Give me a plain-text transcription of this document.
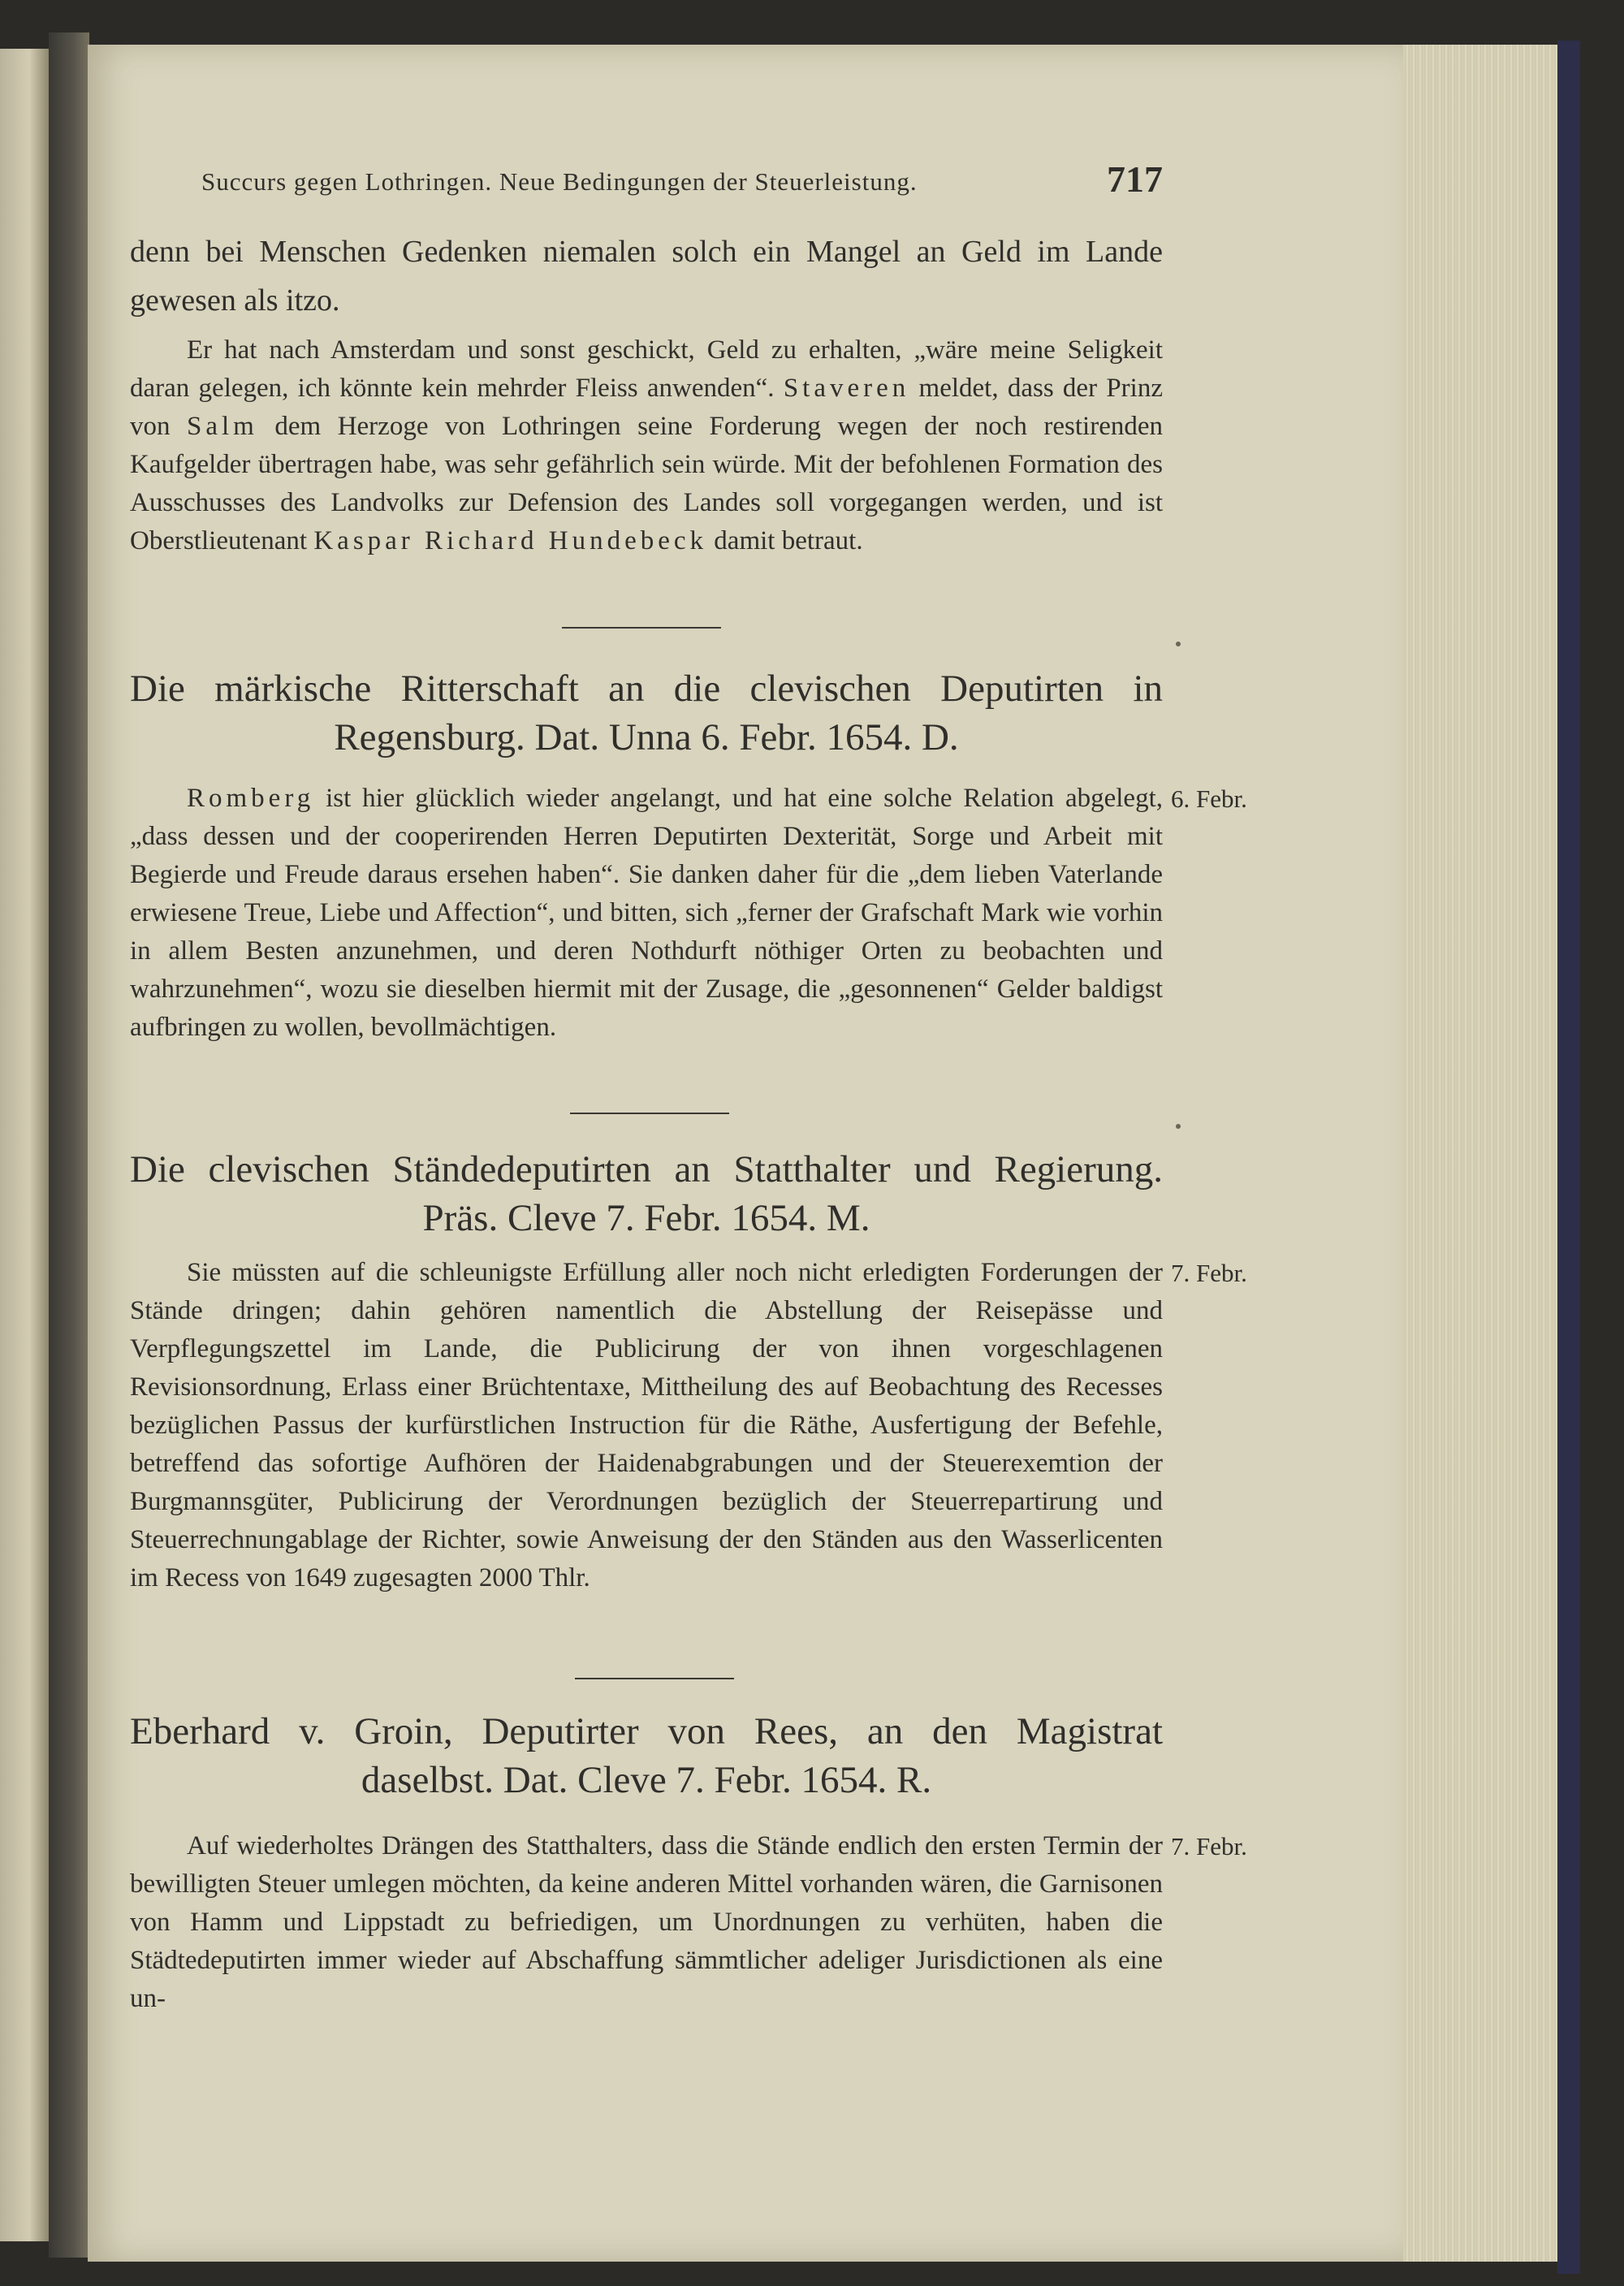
Succurs gegen Lothringen. Neue Bedingungen der Steuerleistung.	717
denn bei Menschen Gedenken niemalen solch ein Mangel an Geld im Lande gewesen als itzo.
Er hat nach Amsterdam und sonst geschickt, Geld zu erhalten, „wäre meine Seligkeit daran gelegen, ich könnte kein mehrder Fleiss anwenden“. Staveren meldet, dass der Prinz von Salm dem Herzoge von Lothringen seine Forderung wegen der noch restirenden Kaufgelder übertragen habe, was sehr gefährlich sein würde. Mit der befohlenen Formation des Ausschusses des Landvolks zur Defension des Landes soll vorgegangen werden, und ist Oberstlieutenant Kaspar Richard Hundebeck damit betraut.
Die märkische Ritterschaft an die clevischen Deputirten in
Regensburg. Dat. Unna 6. Febr. 1654. D.
6. Febr.
Romberg ist hier glücklich wieder angelangt, und hat eine solche Relation abgelegt, „dass dessen und der cooperirenden Herren Deputirten Dexterität, Sorge und Arbeit mit Begierde und Freude daraus ersehen haben“. Sie danken daher für die „dem lieben Vaterlande erwiesene Treue, Liebe und Affection“, und bitten, sich „ferner der Grafschaft Mark wie vorhin in allem Besten anzunehmen, und deren Nothdurft nöthiger Orten zu beobachten und wahrzunehmen“, wozu sie dieselben hiermit mit der Zusage, die „gesonnenen“ Gelder baldigst aufbringen zu wollen, bevollmächtigen.
Die clevischen Ständedeputirten an Statthalter und Regierung.
Präs. Cleve 7. Febr. 1654. M.
7. Febr.
Sie müssten auf die schleunigste Erfüllung aller noch nicht erledigten Forderungen der Stände dringen; dahin gehören namentlich die Abstellung der Reisepässe und Verpflegungszettel im Lande, die Publicirung der von ihnen vorgeschlagenen Revisionsordnung, Erlass einer Brüchtentaxe, Mittheilung des auf Beobachtung des Recesses bezüglichen Passus der kurfürstlichen Instruction für die Räthe, Ausfertigung der Befehle, betreffend das sofortige Aufhören der Haidenabgrabungen und der Steuerexemtion der Burgmannsgüter, Publicirung der Verordnungen bezüglich der Steuerrepartirung und Steuerrechnungablage der Richter, sowie Anweisung der den Ständen aus den Wasserlicenten im Recess von 1649 zugesagten 2000 Thlr.
Eberhard v. Groin, Deputirter von Rees, an den Magistrat
daselbst. Dat. Cleve 7. Febr. 1654. R.
7. Febr.
Auf wiederholtes Drängen des Statthalters, dass die Stände endlich den ersten Termin der bewilligten Steuer umlegen möchten, da keine anderen Mittel vorhanden wären, die Garnisonen von Hamm und Lippstadt zu befriedigen, um Unordnungen zu verhüten, haben die Städtedeputirten immer wieder auf Abschaffung sämmtlicher adeliger Jurisdictionen als eine un-
